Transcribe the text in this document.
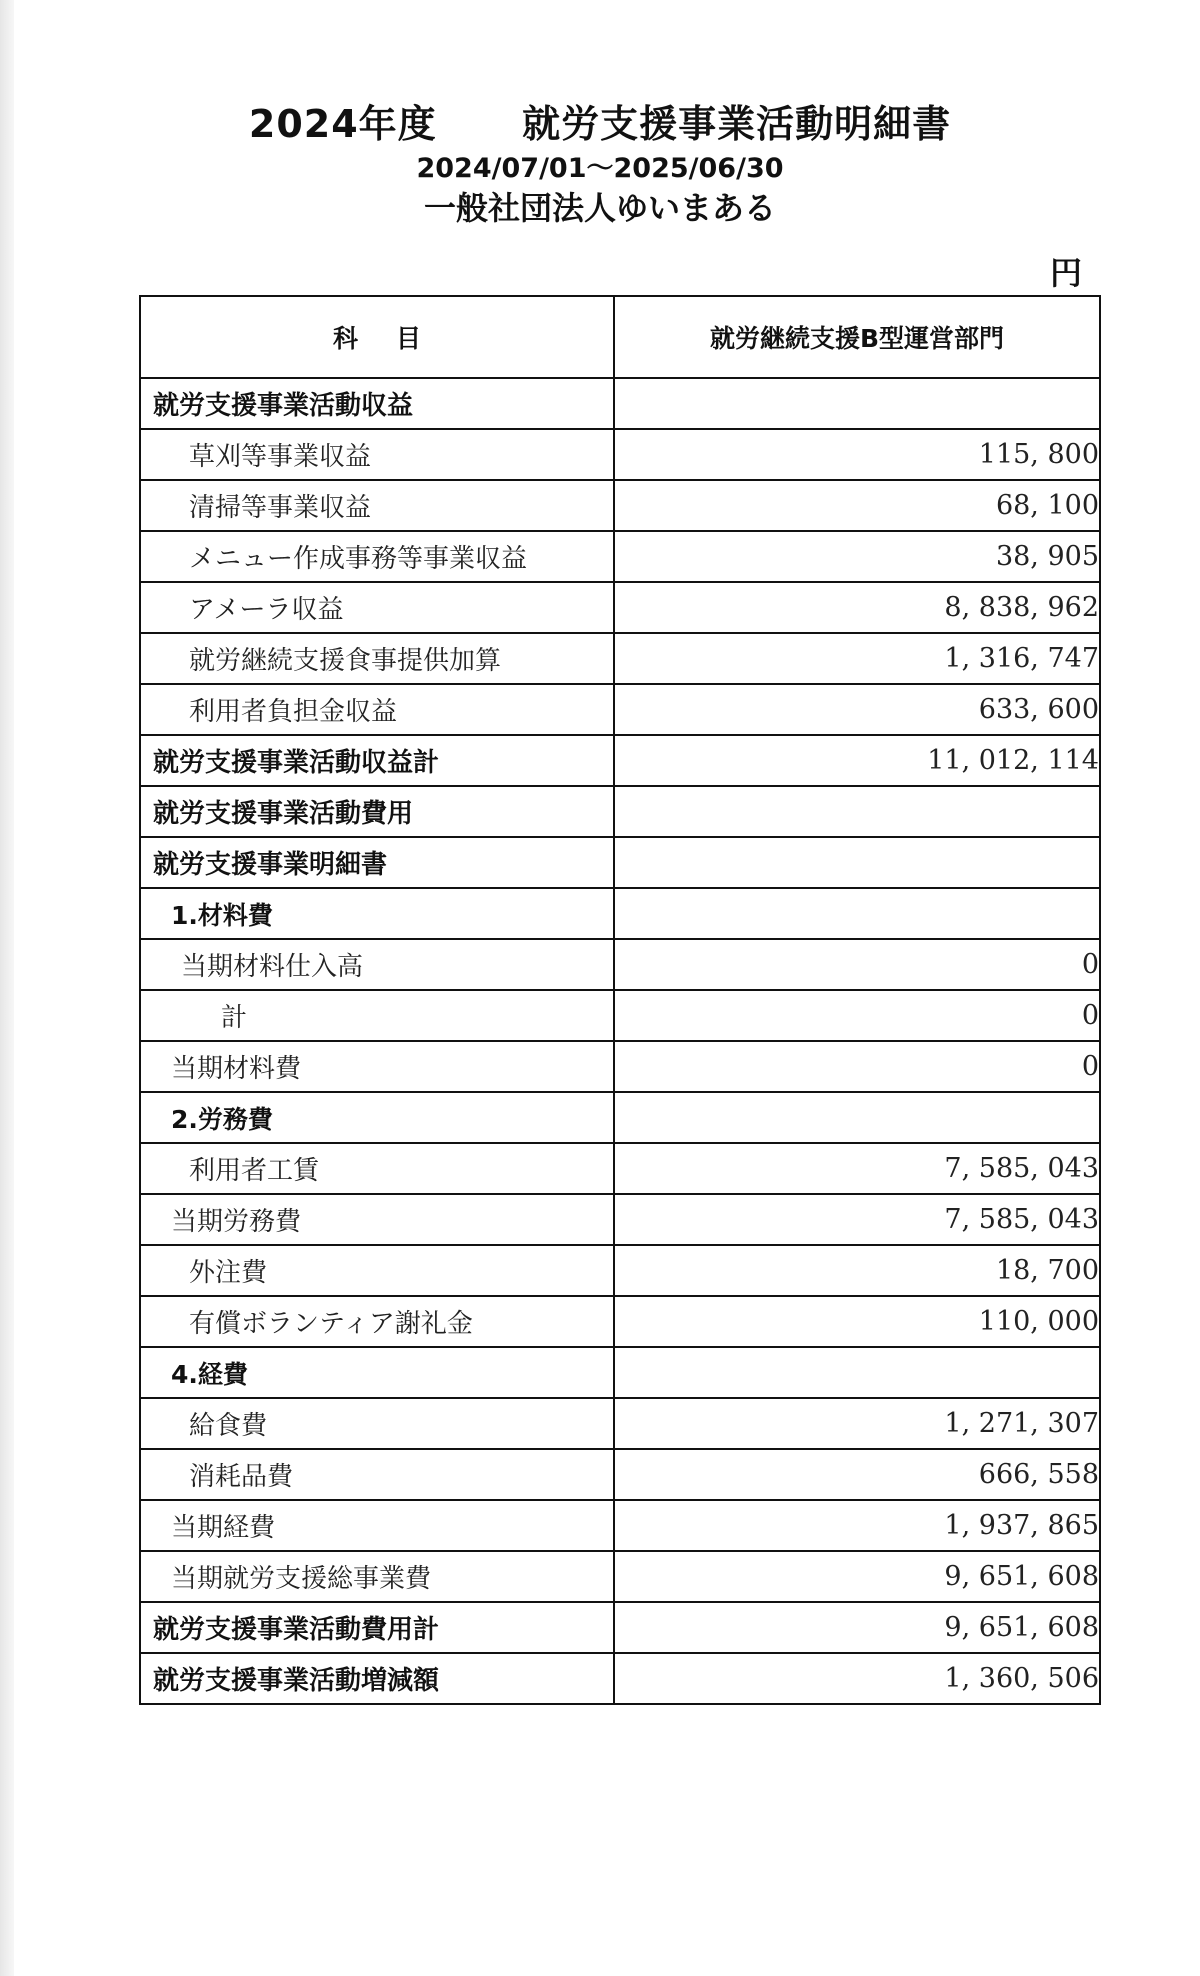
2024年度 就労支援事業活動明細書

2024/07/01～2025/06/30

一般社団法人ゆいまある

円
科 目	就労継続支援B型運営部門
就労支援事業活動収益	
草刈等事業収益	115, 800
清掃等事業収益	68, 100
メニュー作成事務等事業収益	38, 905
アメーラ収益	8, 838, 962
就労継続支援食事提供加算	1, 316, 747
利用者負担金収益	633, 600
就労支援事業活動収益計	11, 012, 114
就労支援事業活動費用	
就労支援事業明細書	
1.材料費	
当期材料仕入高	0
計	0
当期材料費	0
2.労務費	
利用者工賃	7, 585, 043
当期労務費	7, 585, 043
外注費	18, 700
有償ボランティア謝礼金	110, 000
4.経費	
給食費	1, 271, 307
消耗品費	666, 558
当期経費	1, 937, 865
当期就労支援総事業費	9, 651, 608
就労支援事業活動費用計	9, 651, 608
就労支援事業活動増減額	1, 360, 506
